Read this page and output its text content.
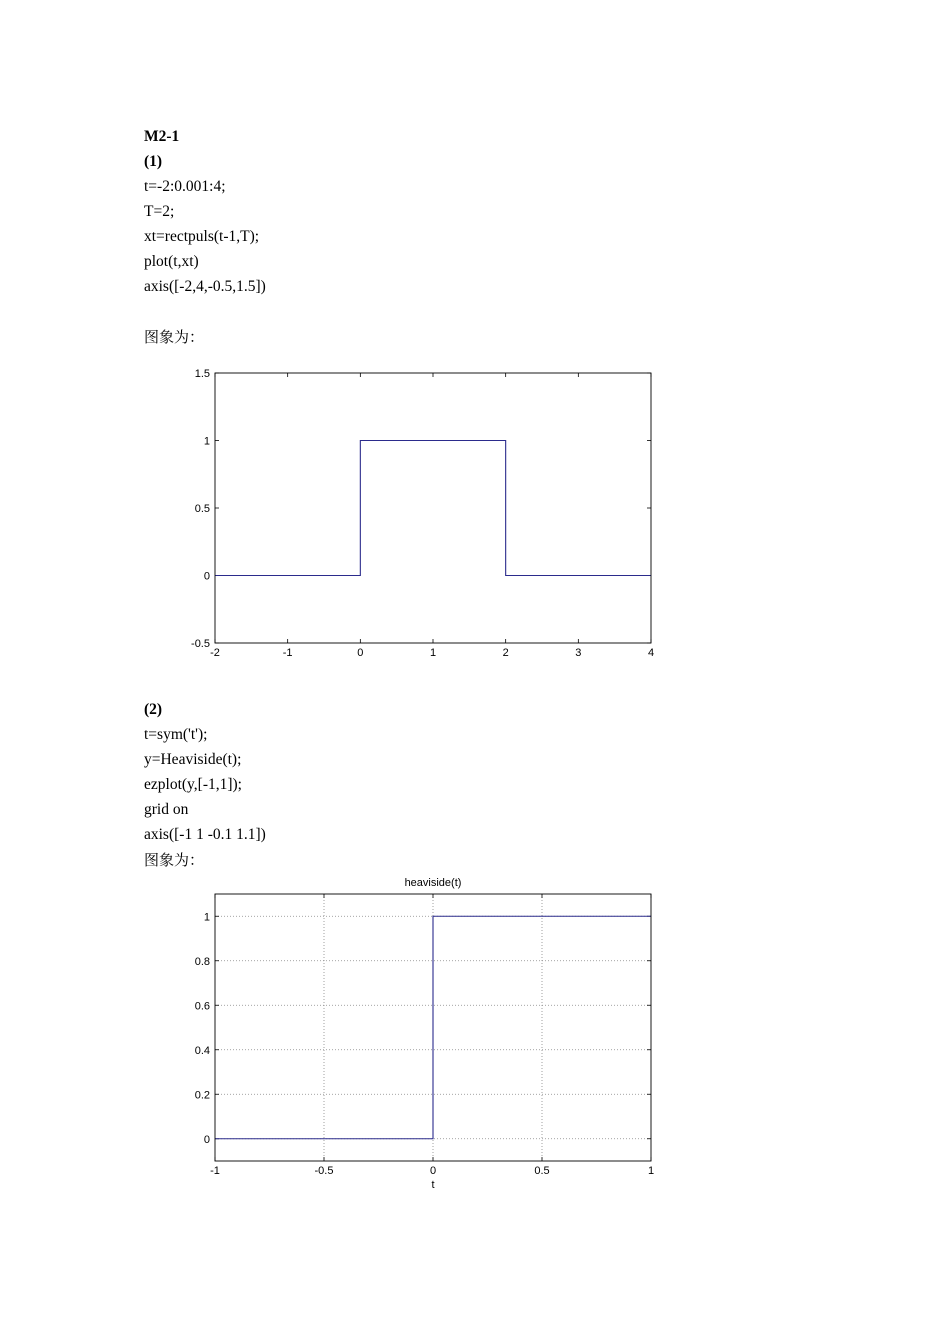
M2-1
(1)
t=-2:0.001:4;
T=2;
xt=rectpuls(t-1,T);
plot(t,xt)
axis([-2,4,-0.5,1.5])
图象为：
-2	-1	0	1	2	3	4
-0.5
0
0.5
1
1.5
(2)
t=sym('t');
y=Heaviside(t);
ezplot(y,[-1,1]);
grid on
axis([-1 1 -0.1 1.1])
图象为：
-1	-0.5	0	0.5	1
0
0.2
0.4
0.6
0.8
1
heaviside(t)
t
